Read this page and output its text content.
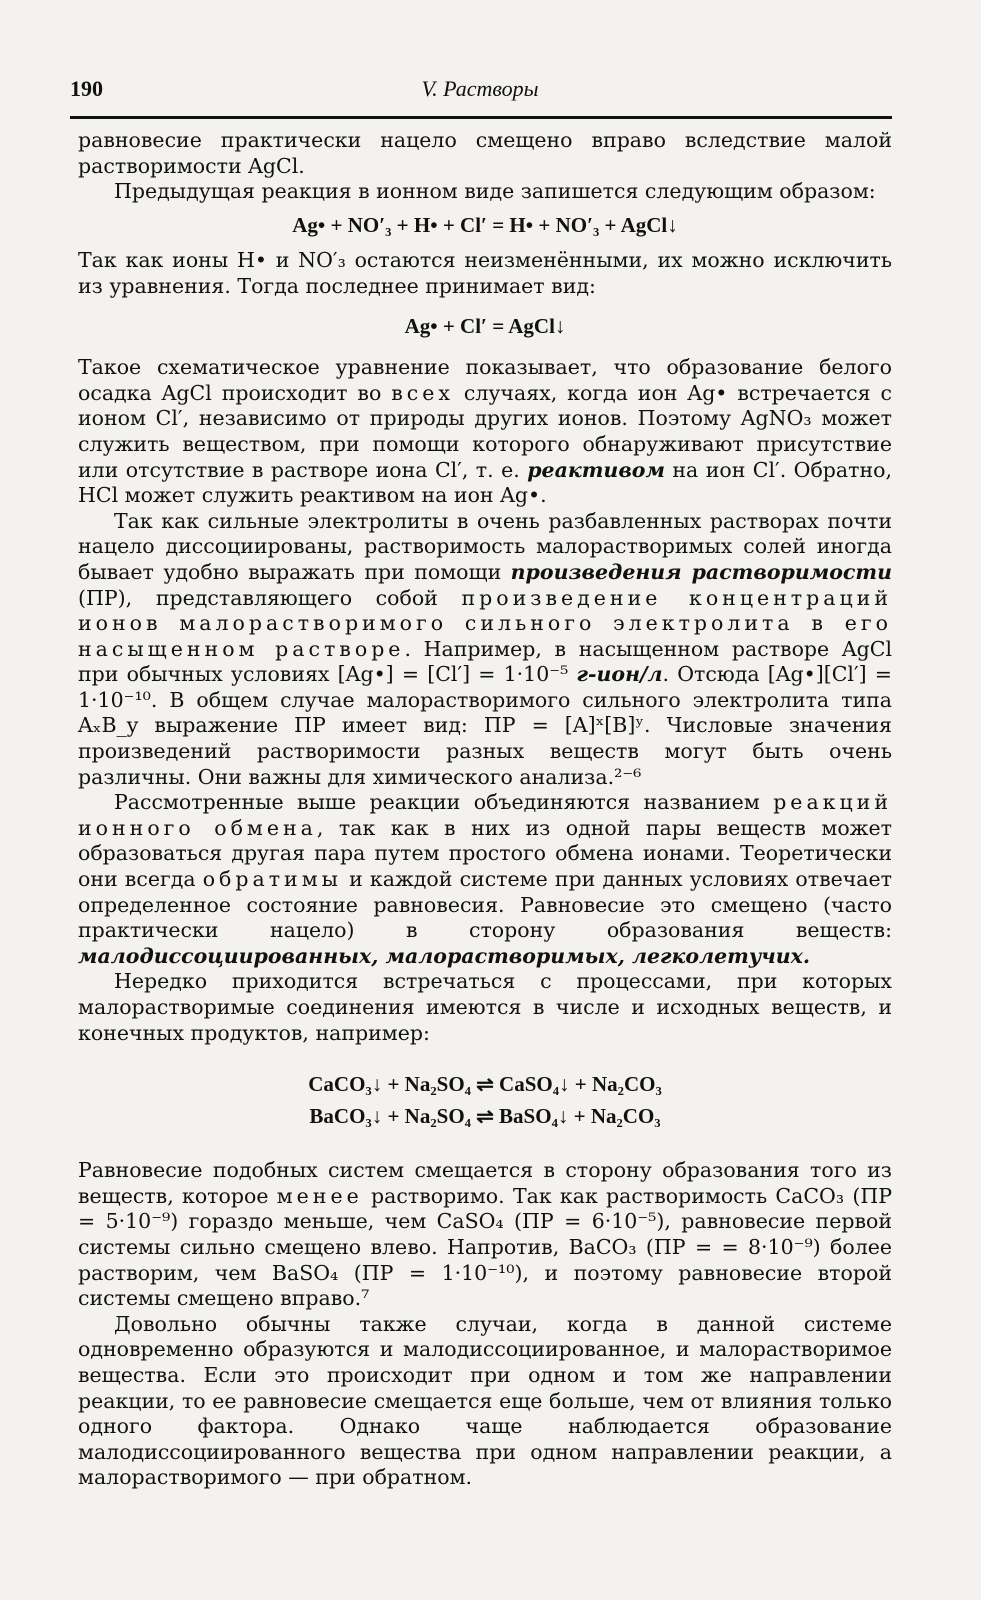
190	V. Растворы

равновесие практически нацело смещено вправо вследствие малой растворимости AgCl.

Предыдущая реакция в ионном виде запишется следующим образом:

Ag• + NO′₃ + H• + Cl′ = H• + NO′₃ + AgCl↓

Так как ионы H• и NO′₃ остаются неизменёнными, их можно исключить из уравнения. Тогда последнее принимает вид:

Ag• + Cl′ = AgCl↓

Такое схематическое уравнение показывает, что образование белого осадка AgCl происходит во всех случаях, когда ион Ag• встречается с ионом Cl′, независимо от природы других ионов. Поэтому AgNO₃ может служить веществом, при помощи которого обнаруживают присутствие или отсутствие в растворе иона Cl′, т. е. реактивом на ион Cl′. Обратно, HCl может служить реактивом на ион Ag•.

Так как сильные электролиты в очень разбавленных растворах почти нацело диссоциированы, растворимость малорастворимых солей иногда бывает удобно выражать при помощи произведения растворимости (ПР), представляющего собой произведение концентраций ионов малорастворимого сильного электролита в его насыщенном растворе. Например, в насыщенном растворе AgCl при обычных условиях [Ag•] = [Cl′] = 1·10⁻⁵ г-ион/л. Отсюда [Ag•][Cl′] = 1·10⁻¹⁰. В общем случае малорастворимого сильного электролита типа AₓB_y выражение ПР имеет вид: ПР = [A]ˣ[B]ʸ. Числовые значения произведений растворимости разных веществ могут быть очень различны. Они важны для химического анализа.²⁻⁶

Рассмотренные выше реакции объединяются названием реакций ионного обмена, так как в них из одной пары веществ может образоваться другая пара путем простого обмена ионами. Теоретически они всегда обратимы и каждой системе при данных условиях отвечает определенное состояние равновесия. Равновесие это смещено (часто практически нацело) в сторону образования веществ: малодиссоциированных, малорастворимых, легколетучих.

Нередко приходится встречаться с процессами, при которых малорастворимые соединения имеются в числе и исходных веществ, и конечных продуктов, например:

CaCO₃↓ + Na₂SO₄ ⇌ CaSO₄↓ + Na₂CO₃
BaCO₃↓ + Na₂SO₄ ⇌ BaSO₄↓ + Na₂CO₃

Равновесие подобных систем смещается в сторону образования того из веществ, которое менее растворимо. Так как растворимость CaCO₃ (ПР = 5·10⁻⁹) гораздо меньше, чем CaSO₄ (ПР = 6·10⁻⁵), равновесие первой системы сильно смещено влево. Напротив, BaCO₃ (ПР = = 8·10⁻⁹) более растворим, чем BaSO₄ (ПР = 1·10⁻¹⁰), и поэтому равновесие второй системы смещено вправо.⁷

Довольно обычны также случаи, когда в данной системе одновременно образуются и малодиссоциированное, и малорастворимое вещества. Если это происходит при одном и том же направлении реакции, то ее равновесие смещается еще больше, чем от влияния только одного фактора. Однако чаще наблюдается образование малодиссоциированного вещества при одном направлении реакции, а малорастворимого — при обратном.
